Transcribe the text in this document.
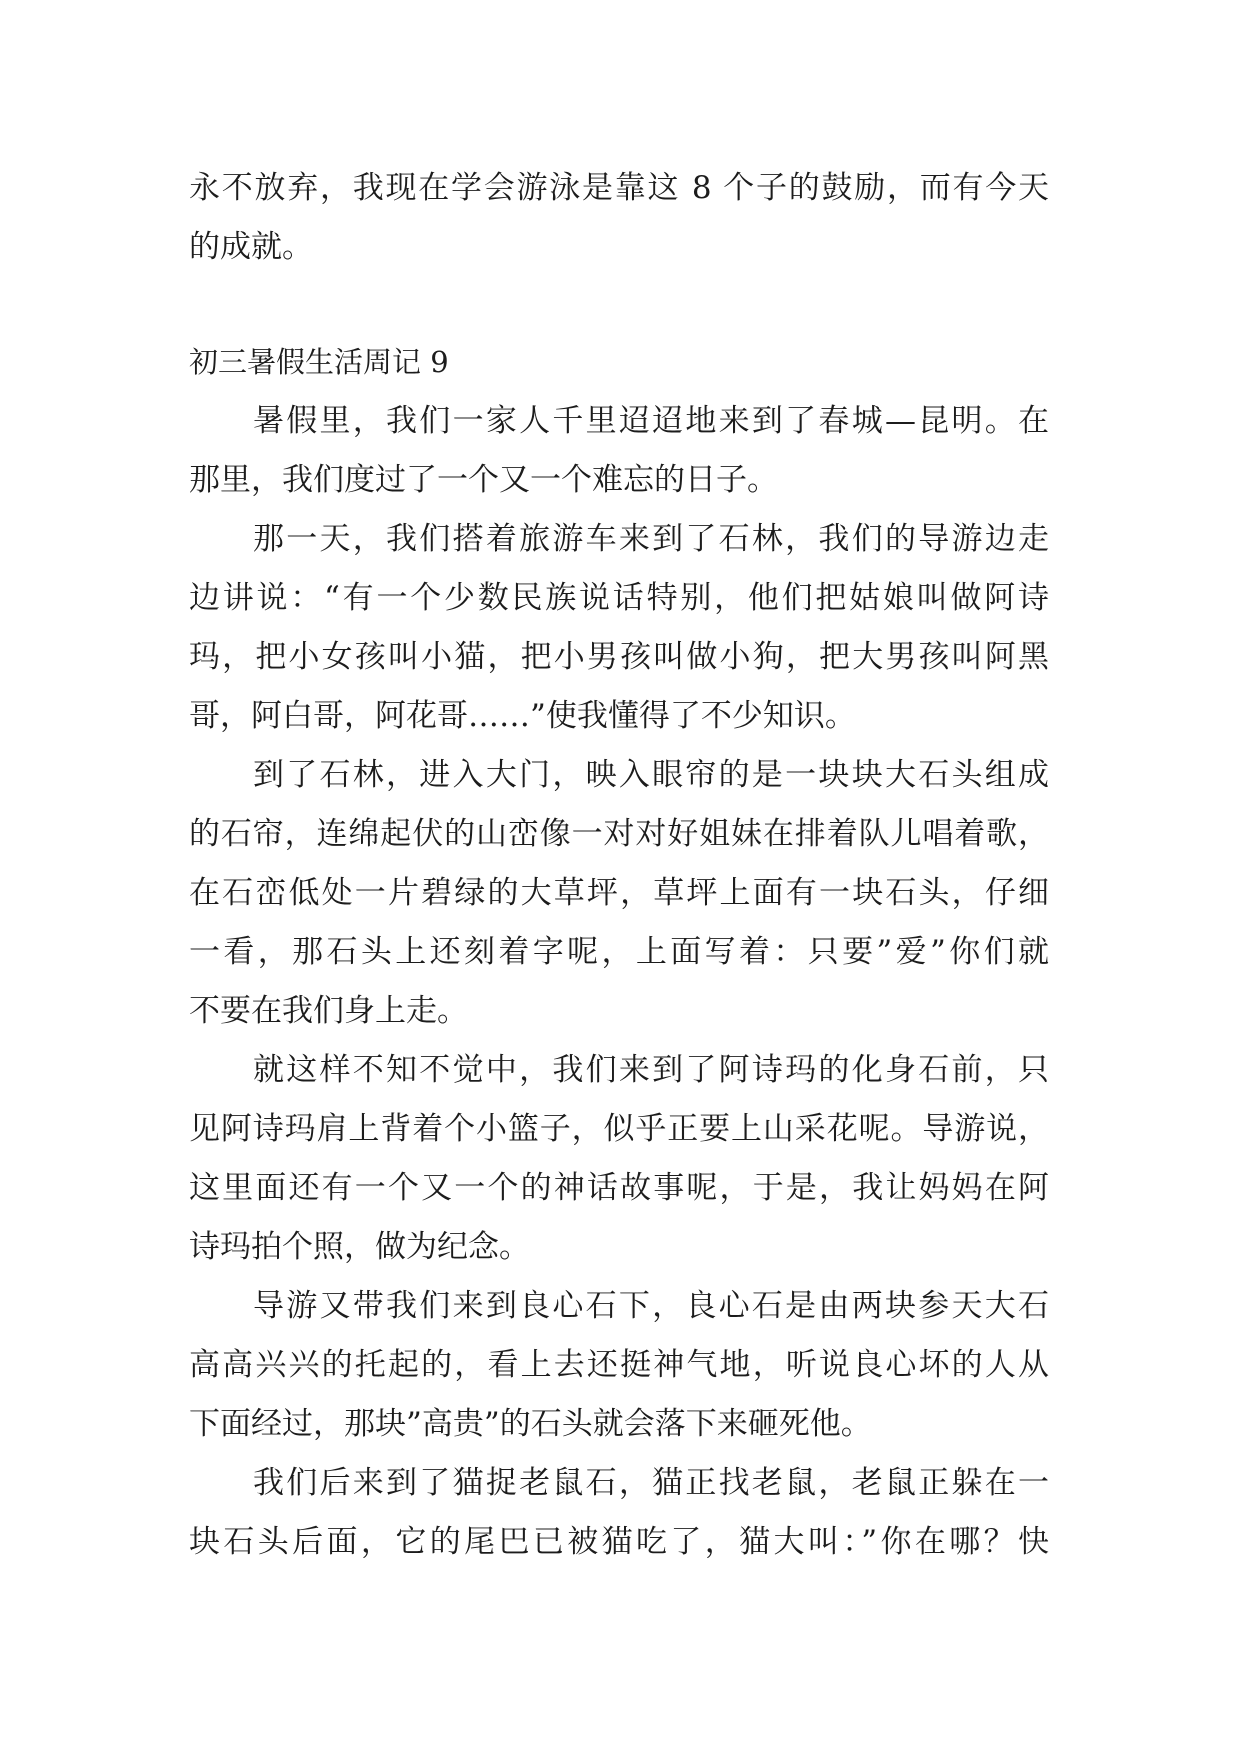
永不放弃，我现在学会游泳是靠这 8 个子的鼓励，而有今天
的成就。
初三暑假生活周记 9
暑假里，我们一家人千里迢迢地来到了春城—昆明。在
那里，我们度过了一个又一个难忘的日子。
那一天，我们搭着旅游车来到了石林，我们的导游边走
边讲说：“有一个少数民族说话特别，他们把姑娘叫做阿诗
玛，把小女孩叫小猫，把小男孩叫做小狗，把大男孩叫阿黑
哥，阿白哥，阿花哥……”使我懂得了不少知识。
到了石林，进入大门，映入眼帘的是一块块大石头组成
的石帘，连绵起伏的山峦像一对对好姐妹在排着队儿唱着歌，
在石峦低处一片碧绿的大草坪，草坪上面有一块石头，仔细
一看，那石头上还刻着字呢，上面写着：只要”爱”你们就
不要在我们身上走。
就这样不知不觉中，我们来到了阿诗玛的化身石前，只
见阿诗玛肩上背着个小篮子，似乎正要上山采花呢。导游说，
这里面还有一个又一个的神话故事呢，于是，我让妈妈在阿
诗玛拍个照，做为纪念。
导游又带我们来到良心石下，良心石是由两块参天大石
高高兴兴的托起的，看上去还挺神气地，听说良心坏的人从
下面经过，那块”高贵”的石头就会落下来砸死他。
我们后来到了猫捉老鼠石，猫正找老鼠，老鼠正躲在一
块石头后面，它的尾巴已被猫吃了，猫大叫：”你在哪？快
